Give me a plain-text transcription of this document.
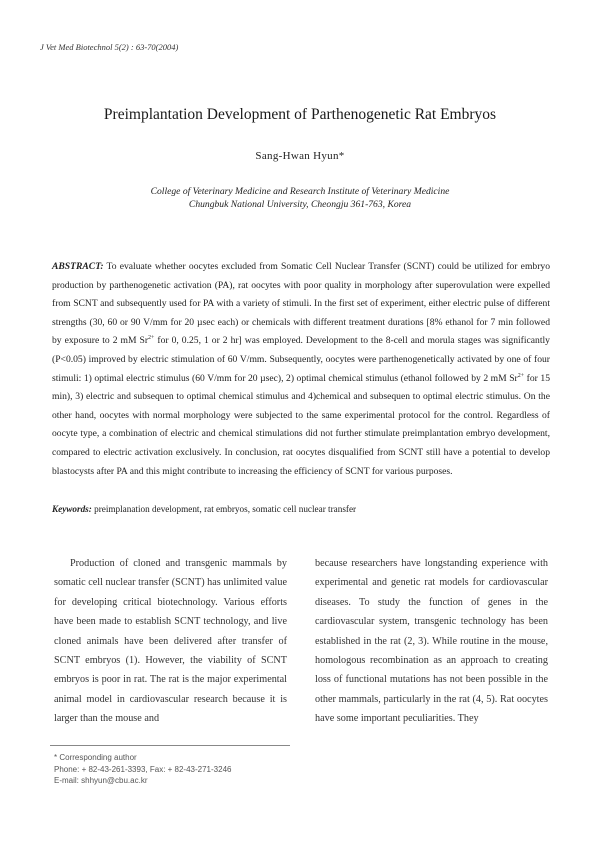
J Vet Med Biotechnol 5(2) : 63-70(2004)
Preimplantation Development of Parthenogenetic Rat Embryos
Sang-Hwan Hyun*
College of Veterinary Medicine and Research Institute of Veterinary Medicine
Chungbuk National University, Cheongju 361-763, Korea

ABSTRACT: To evaluate whether oocytes excluded from Somatic Cell Nuclear Transfer (SCNT) could be utilized for embryo production by parthenogenetic activation (PA), rat oocytes with poor quality in morphology after superovulation were expelled from SCNT and subsequently used for PA with a variety of stimuli. In the first set of experiment, either electric pulse of different strengths (30, 60 or 90 V/mm for 20 µsec each) or chemicals with different treatment durations [8% ethanol for 7 min followed by exposure to 2 mM $Sr^{2+}$ for 0, 0.25, 1 or 2 hr] was employed. Development to the 8-cell and morula stages was significantly (P<0.05) improved by electric stimulation of 60 V/mm. Subsequently, oocytes were parthenogenetically activated by one of four stimuli: 1) optimal electric stimulus (60 V/mm for 20 µsec), 2) optimal chemical stimulus (ethanol followed by 2 mM $Sr^{2+}$ for 15 min), 3) electric and subsequen to optimal chemical stimulus and 4)chemical and subsequen to optimal electric stimulus. On the other hand, oocytes with normal morphology were subjected to the same experimental protocol for the control. Regardless of oocyte type, a combination of electric and chemical stimulations did not further stimulate preimplantation embryo development, compared to electric activation exclusively. In conclusion, rat oocytes disqualified from SCNT still have a potential to develop blastocysts after PA and this might contribute to increasing the efficiency of SCNT for various purposes.

Keywords: preimplanation development, rat embryos, somatic cell nuclear transfer

Production of cloned and transgenic mammals by somatic cell nuclear transfer (SCNT) has unlimited value for developing critical biotechnology. Various efforts have been made to establish SCNT technology, and live cloned animals have been delivered after transfer of SCNT embryos (1). However, the viability of SCNT embryos is poor in rat. The rat is the major experimental animal model in cardiovascular research because it is larger than the mouse and

because researchers have longstanding experience with experimental and genetic rat models for cardiovascular diseases. To study the function of genes in the cardiovascular system, transgenic technology has been established in the rat (2, 3). While routine in the mouse, homologous recombination as an approach to creating loss of functional mutations has not been possible in the other mammals, particularly in the rat (4, 5). Rat oocytes have some important peculiarities. They

* Corresponding author
Phone: + 82-43-261-3393, Fax: + 82-43-271-3246
E-mail: shhyun@cbu.ac.kr
